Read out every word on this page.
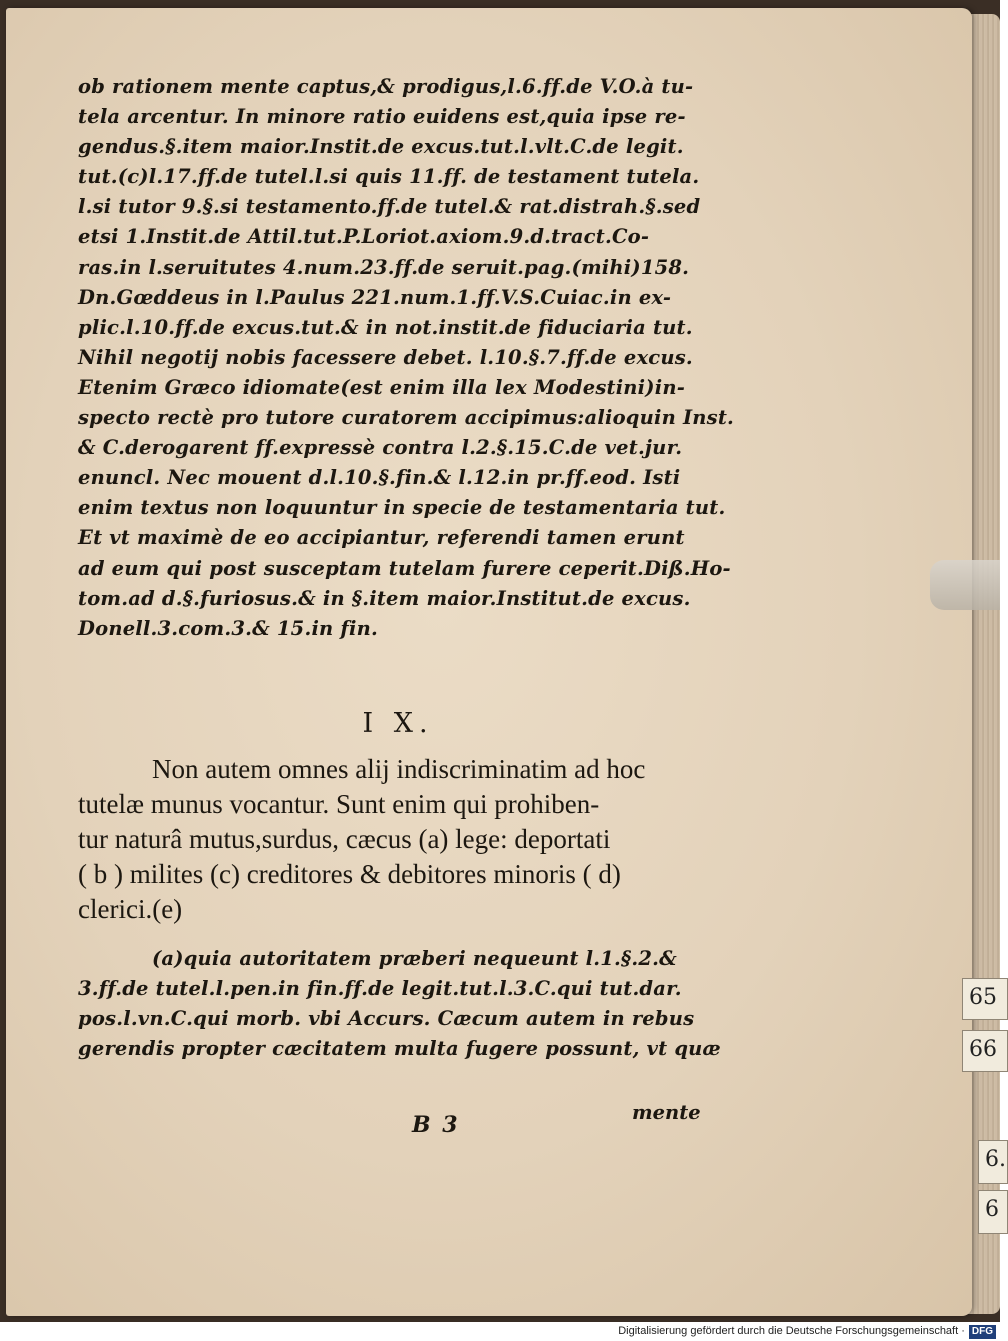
65
66
6.
6
ob rationem mente captus,& prodigus,l.6.ff.de V.O.à tu-
tela arcentur. In minore ratio euidens est,quia ipse re-
gendus.§.item maior.Instit.de excus.tut.l.vlt.C.de legit.
tut.(c)l.17.ff.de tutel.l.si quis 11.ff. de testament tutela.
l.si tutor 9.§.si testamento.ff.de tutel.& rat.distrah.§.sed
etsi 1.Instit.de Attil.tut.P.Loriot.axiom.9.d.tract.Co-
ras.in l.seruitutes 4.num.23.ff.de seruit.pag.(mihi)158.
Dn.Gœddeus in l.Paulus 221.num.1.ff.V.S.Cuiac.in ex-
plic.l.10.ff.de excus.tut.& in not.instit.de fiduciaria tut.
Nihil negotij nobis facessere debet. l.10.§.7.ff.de excus.
Etenim Græco idiomate(est enim illa lex Modestini)in-
specto rectè pro tutore curatorem accipimus:alioquin Inst.
& C.derogarent ff.expressè contra l.2.§.15.C.de vet.jur.
enuncl. Nec mouent d.l.10.§.fin.& l.12.in pr.ff.eod. Isti
enim textus non loquuntur in specie de testamentaria tut.
Et vt maximè de eo accipiantur, referendi tamen erunt
ad eum qui post susceptam tutelam furere ceperit.Diß.Ho-
tom.ad d.§.furiosus.& in §.item maior.Institut.de excus.
Donell.3.com.3.& 15.in fin.
I X.
Non autem omnes alij indiscriminatim ad hoc
tutelæ munus vocantur. Sunt enim qui prohiben-
tur naturâ mutus,surdus, cæcus (a) lege: deportati
( b ) milites (c) creditores & debitores minoris ( d)
clerici.(e)
(a)quia autoritatem præberi nequeunt l.1.§.2.&
3.ff.de tutel.l.pen.in fin.ff.de legit.tut.l.3.C.qui tut.dar.
pos.l.vn.C.qui morb. vbi Accurs. Cæcum autem in rebus
gerendis propter cæcitatem multa fugere possunt, vt quæ
mente
B 3
Digitalisierung gefördert durch die Deutsche Forschungsgemeinschaft · DFG
